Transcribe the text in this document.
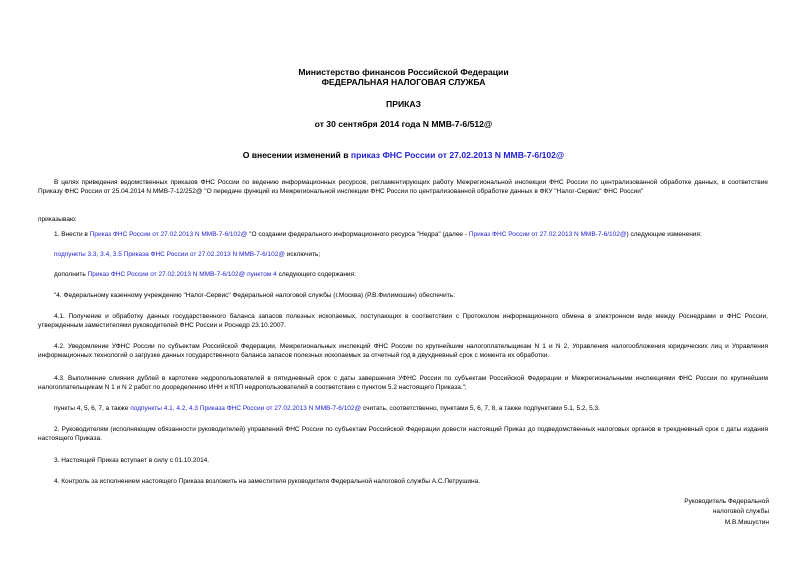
Министерство финансов Российской Федерации
ФЕДЕРАЛЬНАЯ НАЛОГОВАЯ СЛУЖБА
ПРИКАЗ
от 30 сентября 2014 года N ММВ-7-6/512@
О внесении изменений в приказ ФНС России от 27.02.2013 N ММВ-7-6/102@
В целях приведения ведомственных приказов ФНС России по ведению информационных ресурсов, регламентирующих работу Межрегиональной инспекции ФНС России по централизованной обработке данных, в соответствие Приказу ФНС России от 25.04.2014 N ММВ-7-12/252@ "О передаче функций из Межрегиональной инспекции ФНС России по централизованной обработке данных в ФКУ "Налог-Сервис" ФНС России"
приказываю:
1. Внести в Приказ ФНС России от 27.02.2013 N ММВ-7-6/102@ "О создании федерального информационного ресурса "Недра" (далее - Приказ ФНС России от 27.02.2013 N ММВ-7-6/102@) следующие изменения:
подпункты 3.3, 3.4, 3.5 Приказа ФНС России от 27.02.2013 N ММВ-7-6/102@ исключить;
дополнить Приказ ФНС России от 27.02.2013 N ММВ-7-6/102@ пунктом 4 следующего содержания:
"4. Федеральному казенному учреждению "Налог-Сервис" Федеральной налоговой службы (г.Москва) (Р.В.Филимошин) обеспечить:
4.1. Получение и обработку данных государственного баланса запасов полезных ископаемых, поступающих в соответствии с Протоколом информационного обмена в электронном виде между Роснедрами и ФНС России, утвержденным заместителями руководителей ФНС России и Роснедр 23.10.2007.
4.2. Уведомление УФНС России по субъектам Российской Федерации, Межрегиональных инспекций ФНС России по крупнейшим налогоплательщикам N 1 и N 2, Управления налогообложения юридических лиц и Управления информационных технологий о загрузке данных государственного баланса запасов полезных ископаемых за отчетный год в двухдневный срок с момента их обработки.
4.3. Выполнение слияния дублей в картотеке недропользователей в пятидневный срок с даты завершения УФНС России по субъектам Российской Федерации и Межрегиональными инспекциями ФНС России по крупнейшим налогоплательщикам N 1 и N 2 работ по дооределению ИНН и КПП недропользователей в соответствии с пунктом 5.2 настоящего Приказа.";
пункты 4, 5, 6, 7, а также подпункты 4.1, 4.2, 4.3 Приказа ФНС России от 27.02.2013 N ММВ-7-6/102@ считать, соответственно, пунктами 5, 6, 7, 8, а также подпунктами 5.1, 5.2, 5.3.
2. Руководителям (исполняющим обязанности руководителей) управлений ФНС России по субъектам Российской Федерации довести настоящий Приказ до подведомственных налоговых органов в трехдневный срок с даты издания настоящего Приказа.
3. Настоящий Приказ вступает в силу с 01.10.2014.
4. Контроль за исполнением настоящего Приказа возложить на заместителя руководителя Федеральной налоговой службы А.С.Петрушина.
Руководитель Федеральной
налоговой службы
М.В.Мишустин
